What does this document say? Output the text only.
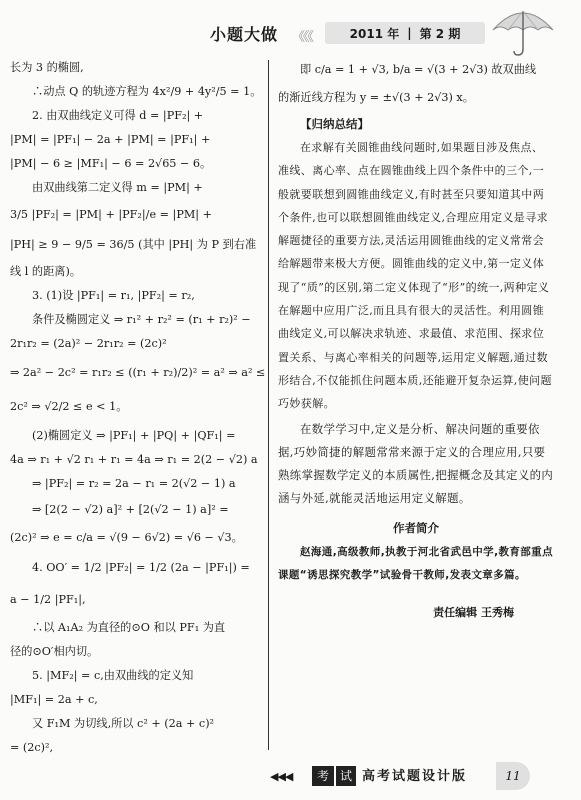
小题大做 《《《	2011 年 | 第 2 期
长为 3 的椭圆,
∴动点 Q 的轨迹方程为 4x²/9 + 4y²/5 = 1。
2. 由双曲线定义可得 d = |PF₂| +
|PM| = |PF₁| − 2a + |PM| = |PF₁| +
|PM| − 6 ≥ |MF₁| − 6 = 2√65 − 6。
由双曲线第二定义得 m = |PM| +
3/5 |PF₂| = |PM| + |PF₂|/e = |PM| +
|PH| ≥ 9 − 9/5 = 36/5 (其中 |PH| 为 P 到右准
线 l 的距离)。
3. (1)设 |PF₁| = r₁, |PF₂| = r₂,
条件及椭圆定义 ⇒ r₁² + r₂² = (r₁ + r₂)² −
2r₁r₂ = (2a)² − 2r₁r₂ = (2c)²
⇒ 2a² − 2c² = r₁r₂ ≤ ((r₁ + r₂)/2)² = a² ⇒ a² ≤
2c² ⇒ √2/2 ≤ e < 1。
(2)椭圆定义 ⇒ |PF₁| + |PQ| + |QF₁| =
4a ⇒ r₁ + √2 r₁ + r₁ = 4a ⇒ r₁ = 2(2 − √2) a
⇒ |PF₂| = r₂ = 2a − r₁ = 2(√2 − 1) a
⇒ [2(2 − √2) a]² + [2(√2 − 1) a]² =
(2c)² ⇒ e = c/a = √(9 − 6√2) = √6 − √3。
4. OO′ = 1/2 |PF₂| = 1/2 (2a − |PF₁|) =
a − 1/2 |PF₁|,
∴以 A₁A₂ 为直径的⊙O 和以 PF₁ 为直
径的⊙O′相内切。
5. |MF₂| = c,由双曲线的定义知
|MF₁| = 2a + c,
又 F₁M 为切线,所以 c² + (2a + c)²
= (2c)²,
即 c/a = 1 + √3, b/a = √(3 + 2√3) 故双曲线
的渐近线方程为 y = ±√(3 + 2√3) x。
【归纳总结】
在求解有关圆锥曲线问题时,如果题目涉及焦点、准线、离心率、点在圆锥曲线上四个条件中的三个,一般就要联想到圆锥曲线定义,有时甚至只要知道其中两个条件,也可以联想圆锥曲线定义,合理应用定义是寻求解题捷径的重要方法,灵活运用圆锥曲线的定义常常会给解题带来极大方便。圆锥曲线的定义中,第一定义体现了“质”的区别,第二定义体现了“形”的统一,两种定义在解题中应用广泛,而且具有很大的灵活性。利用圆锥曲线定义,可以解决求轨迹、求最值、求范围、探求位置关系、与离心率相关的问题等,运用定义解题,通过数形结合,不仅能抓住问题本质,还能避开复杂运算,使问题巧妙获解。
在数学学习中,定义是分析、解决问题的重要依据,巧妙简捷的解题常常来源于定义的合理应用,只要熟练掌握数学定义的本质属性,把握概念及其定义的内涵与外延,就能灵活地运用定义解题。
作者简介
赵海通,高级教师,执教于河北省武邑中学,教育部重点课题“诱思探究教学”试验骨干教师,发表文章多篇。
责任编辑 王秀梅
◀◀◀	考 试 高考试题设计版	11
